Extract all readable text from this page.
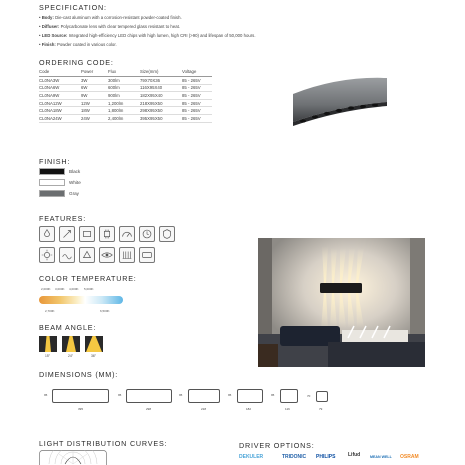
SPECIFICATION:
• Body: Die-cast aluminum with a corrosion-resistant powder-coated finish.
• Diffuser: Polycarbonate lens with clear tempered glass resistant to heat.
• LED Source: Integrated high-efficiency LED chips with high lumen, high CRI (>90) and lifespan of 50,000 hours.
• Finish: Powder coated in various color.
ORDERING CODE:
Code	Power	Flux	Size(mm)	Voltage
CL0NA3W	3W	300lm	79X70X36	85 - 265V
CL0NA6W	6W	600lm	116X95X40	85 - 265V
CL0NA9W	9W	900lm	182X95X40	85 - 265V
CL0NA12W	12W	1,200lm	218X95X50	85 - 265V
CL0NA18W	18W	1,800lm	298X95X50	85 - 265V
CL0NA24W	24W	2,400lm	395X95X50	85 - 265V
FINISH:
Black
White
Gray
FEATURES:
COLOR TEMPERATURE:
2,000K 3,000K 4,000K 5,000K
2,700K	6,500K
BEAM ANGLE:
15°	24°	36°
DIMENSIONS (MM):
395
95
298
95
218
95
182
95
116
95
79
70
LIGHT DISTRIBUTION CURVES:	DRIVER OPTIONS:
DEKULER	TRIDONIC PHILIPS	Lifud	MEAN WELL OSRAM
